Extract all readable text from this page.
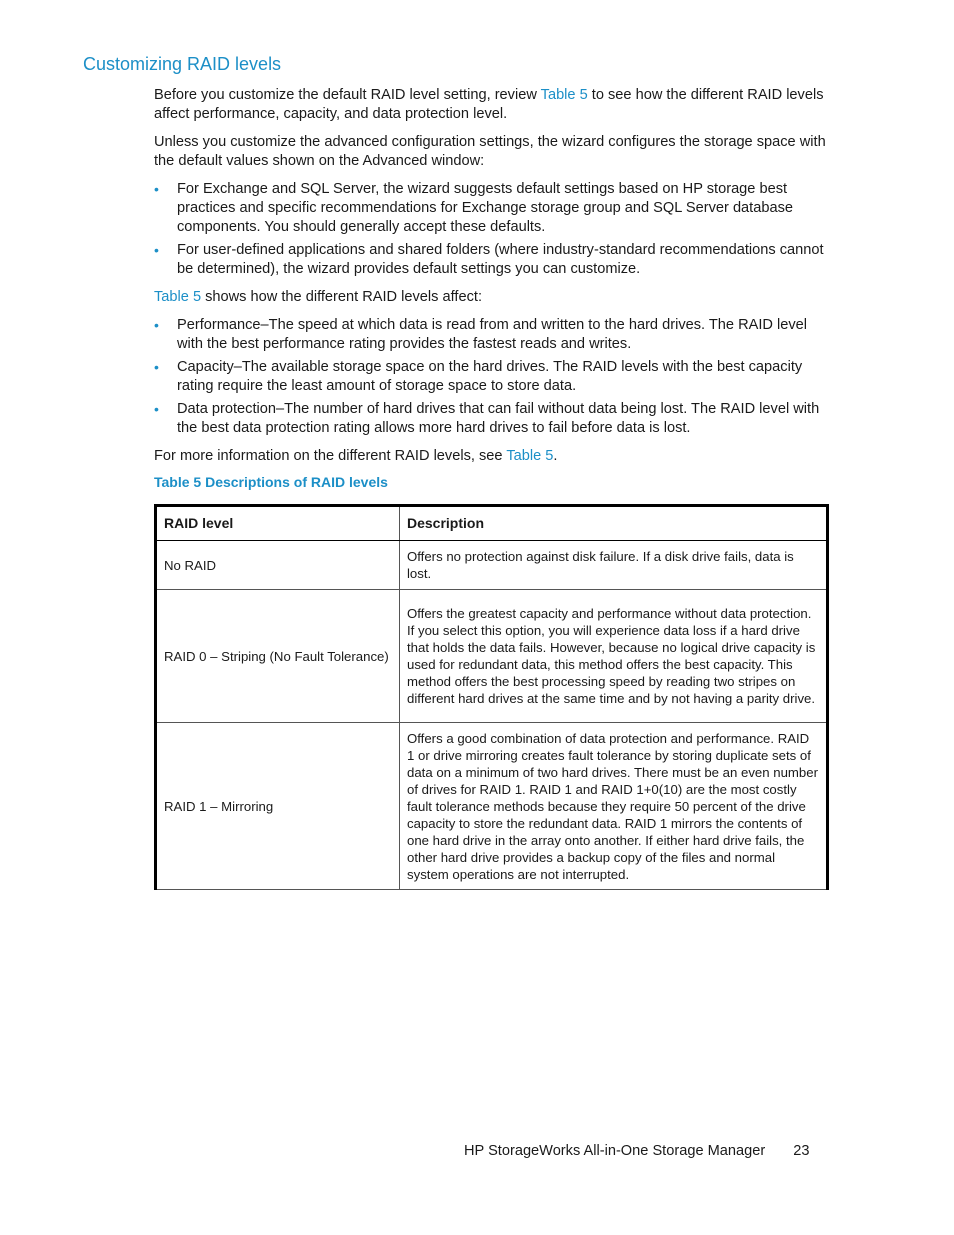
Customizing RAID levels

Before you customize the default RAID level setting, review Table 5 to see how the different RAID levels affect performance, capacity, and data protection level.

Unless you customize the advanced configuration settings, the wizard configures the storage space with the default values shown on the Advanced window:

• For Exchange and SQL Server, the wizard suggests default settings based on HP storage best practices and specific recommendations for Exchange storage group and SQL Server database components. You should generally accept these defaults.
• For user-defined applications and shared folders (where industry-standard recommendations cannot be determined), the wizard provides default settings you can customize.

Table 5 shows how the different RAID levels affect:

• Performance–The speed at which data is read from and written to the hard drives. The RAID level with the best performance rating provides the fastest reads and writes.
• Capacity–The available storage space on the hard drives. The RAID levels with the best capacity rating require the least amount of storage space to store data.
• Data protection–The number of hard drives that can fail without data being lost. The RAID level with the best data protection rating allows more hard drives to fail before data is lost.

For more information on the different RAID levels, see Table 5.

Table 5 Descriptions of RAID levels
RAID level	Description
No RAID	Offers no protection against disk failure. If a disk drive fails, data is lost.
RAID 0 – Striping (No Fault Tolerance)	Offers the greatest capacity and performance without data protection. If you select this option, you will experience data loss if a hard drive that holds the data fails. However, because no logical drive capacity is used for redundant data, this method offers the best capacity. This method offers the best processing speed by reading two stripes on different hard drives at the same time and by not having a parity drive.
RAID 1 – Mirroring	Offers a good combination of data protection and performance. RAID 1 or drive mirroring creates fault tolerance by storing duplicate sets of data on a minimum of two hard drives. There must be an even number of drives for RAID 1. RAID 1 and RAID 1+0(10) are the most costly fault tolerance methods because they require 50 percent of the drive capacity to store the redundant data. RAID 1 mirrors the contents of one hard drive in the array onto another. If either hard drive fails, the other hard drive provides a backup copy of the files and normal system operations are not interrupted.
HP StorageWorks All-in-One Storage Manager 23
